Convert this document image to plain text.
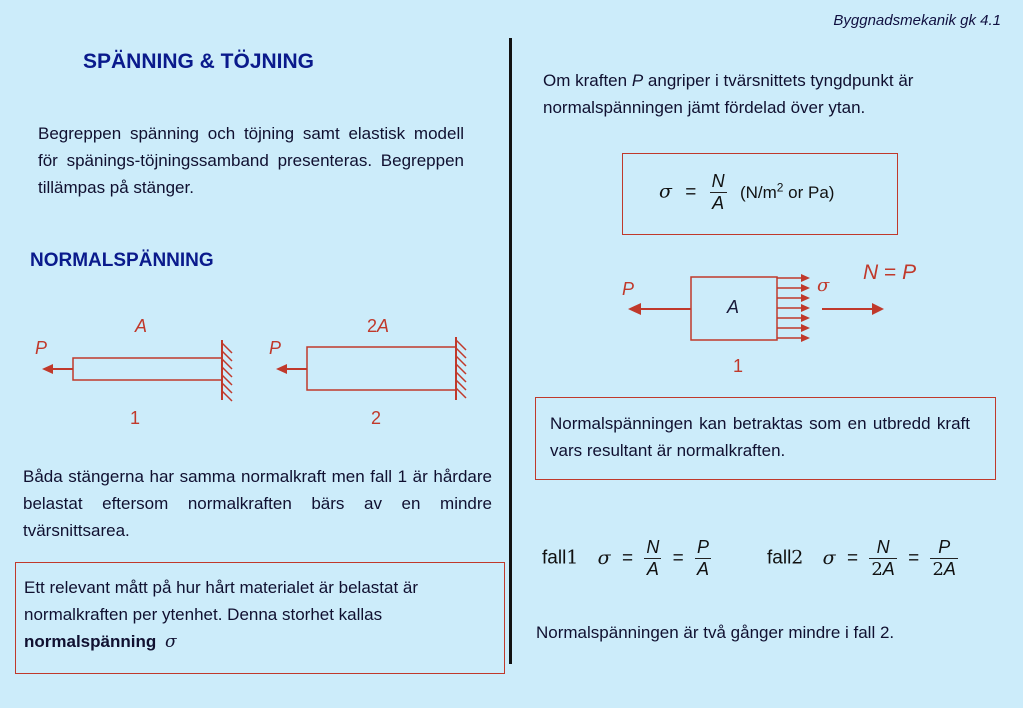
Byggnadsmekanik gk 4.1
SPÄNNING & TÖJNING
Begreppen spänning och töjning samt elastisk modell för spänings-töjningssamband presenteras. Begreppen tillämpas på stänger.
NORMALSPÄNNING
A
P
1
2A
P
2
Båda stängerna har samma normalkraft men fall 1 är hårdare belastat eftersom normalkraften bärs av en mindre tvärsnittsarea.
Ett relevant mått på hur hårt materialet är belastat är normalkraften per ytenhet. Denna storhet kallas normalspänning σ
Om kraften P angriper i tvärsnittets tyngdpunkt är normalspänningen jämt fördelad över ytan.
$\sigma = \frac{N}{A} (N/m^2$ or Pa)
P
A
σ
N = P
1
Normalspänningen kan betraktas som en utbredd kraft vars resultant är normalkraften.
fall1 $\sigma = \frac{N}{A} = \frac{P}{A}$	fall2 $\sigma = \frac{N}{2A} = \frac{P}{2A}$
Normalspänningen är två gånger mindre i fall 2.
